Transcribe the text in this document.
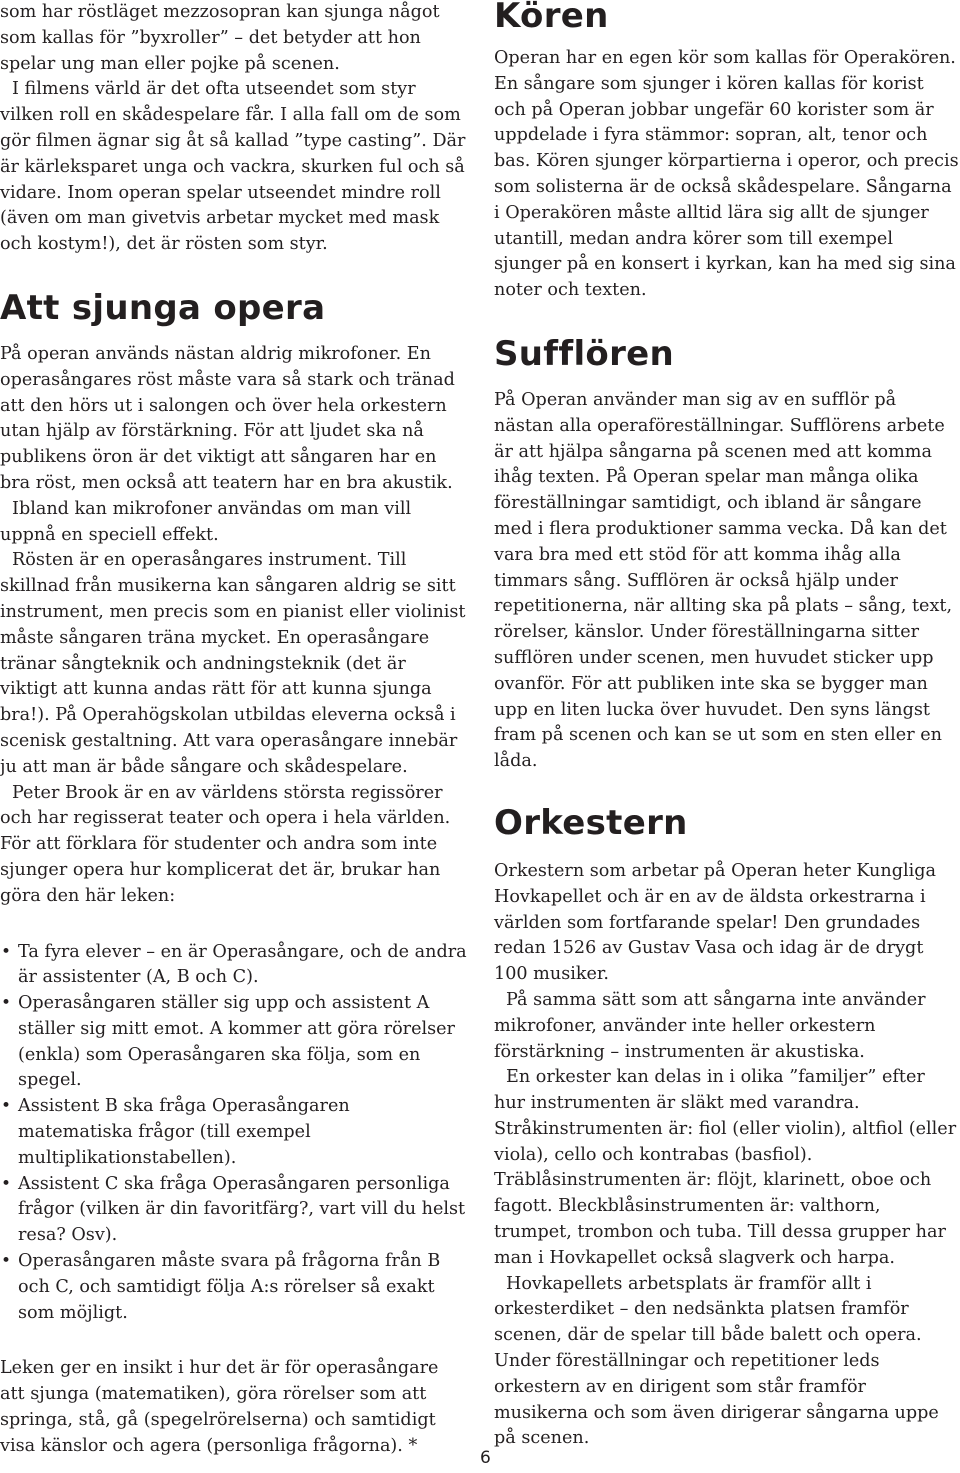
som har röstläget mezzosopran kan sjunga något som kallas för ”byxroller” – det betyder att hon spelar ung man eller pojke på scenen.

I filmens värld är det ofta utseendet som styr vilken roll en skådespelare får. I alla fall om de som gör filmen ägnar sig åt så kallad ”type casting”. Där är kärleksparet unga och vackra, skurken ful och så vidare. Inom operan spelar utseendet mindre roll (även om man givetvis arbetar mycket med mask och kostym!), det är rösten som styr.

Att sjunga opera

På operan används nästan aldrig mikrofoner. En operasångares röst måste vara så stark och tränad att den hörs ut i salongen och över hela orkestern utan hjälp av förstärkning. För att ljudet ska nå publikens öron är det viktigt att sångaren har en bra röst, men också att teatern har en bra akustik.

Ibland kan mikrofoner användas om man vill uppnå en speciell effekt.

Rösten är en operasångares instrument. Till skillnad från musikerna kan sångaren aldrig se sitt instrument, men precis som en pianist eller violinist måste sångaren träna mycket. En operasångare tränar sångteknik och andningsteknik (det är viktigt att kunna andas rätt för att kunna sjunga bra!). På Operahögskolan utbildas eleverna också i scenisk gestaltning. Att vara operasångare innebär ju att man är både sångare och skådespelare.

Peter Brook är en av världens största regissörer och har regisserat teater och opera i hela världen. För att förklara för studenter och andra som inte sjunger opera hur komplicerat det är, brukar han göra den här leken:

• Ta fyra elever – en är Operasångare, och de andra är assistenter (A, B och C).
• Operasångaren ställer sig upp och assistent A ställer sig mitt emot. A kommer att göra rörelser (enkla) som Operasångaren ska följa, som en spegel.
• Assistent B ska fråga Operasångaren matematiska frågor (till exempel multiplikationstabellen).
• Assistent C ska fråga Operasångaren personliga frågor (vilken är din favoritfärg?, vart vill du helst resa? Osv).
• Operasångaren måste svara på frågorna från B och C, och samtidigt följa A:s rörelser så exakt som möjligt.

Leken ger en insikt i hur det är för operasångare att sjunga (matematiken), göra rörelser som att springa, stå, gå (spegelrörelserna) och samtidigt visa känslor och agera (personliga frågorna). *

Kören

Operan har en egen kör som kallas för Operakören. En sångare som sjunger i kören kallas för korist och på Operan jobbar ungefär 60 korister som är uppdelade i fyra stämmor: sopran, alt, tenor och bas. Kören sjunger körpartierna i operor, och precis som solisterna är de också skådespelare. Sångarna i Operakören måste alltid lära sig allt de sjunger utantill, medan andra körer som till exempel sjunger på en konsert i kyrkan, kan ha med sig sina noter och texten.

Sufflören

På Operan använder man sig av en sufflör på nästan alla operaföreställningar. Sufflörens arbete är att hjälpa sångarna på scenen med att komma ihåg texten. På Operan spelar man många olika föreställningar samtidigt, och ibland är sångare med i flera produktioner samma vecka. Då kan det vara bra med ett stöd för att komma ihåg alla timmars sång. Sufflören är också hjälp under repetitionerna, när allting ska på plats – sång, text, rörelser, känslor. Under föreställningarna sitter sufflören under scenen, men huvudet sticker upp ovanför. För att publiken inte ska se bygger man upp en liten lucka över huvudet. Den syns längst fram på scenen och kan se ut som en sten eller en låda.

Orkestern

Orkestern som arbetar på Operan heter Kungliga Hovkapellet och är en av de äldsta orkestrarna i världen som fortfarande spelar! Den grundades redan 1526 av Gustav Vasa och idag är de drygt 100 musiker.

På samma sätt som att sångarna inte använder mikrofoner, använder inte heller orkestern förstärkning – instrumenten är akustiska.

En orkester kan delas in i olika ”familjer” efter hur instrumenten är släkt med varandra. Stråkinstrumenten är: fiol (eller violin), altfiol (eller viola), cello och kontrabas (basfiol). Träblåsinstrumenten är: flöjt, klarinett, oboe och fagott. Bleckblåsinstrumenten är: valthorn, trumpet, trombon och tuba. Till dessa grupper har man i Hovkapellet också slagverk och harpa.

Hovkapellets arbetsplats är framför allt i orkesterdiket – den nedsänkta platsen framför scenen, där de spelar till både balett och opera. Under föreställningar och repetitioner leds orkestern av en dirigent som står framför musikerna och som även dirigerar sångarna uppe på scenen.

6
